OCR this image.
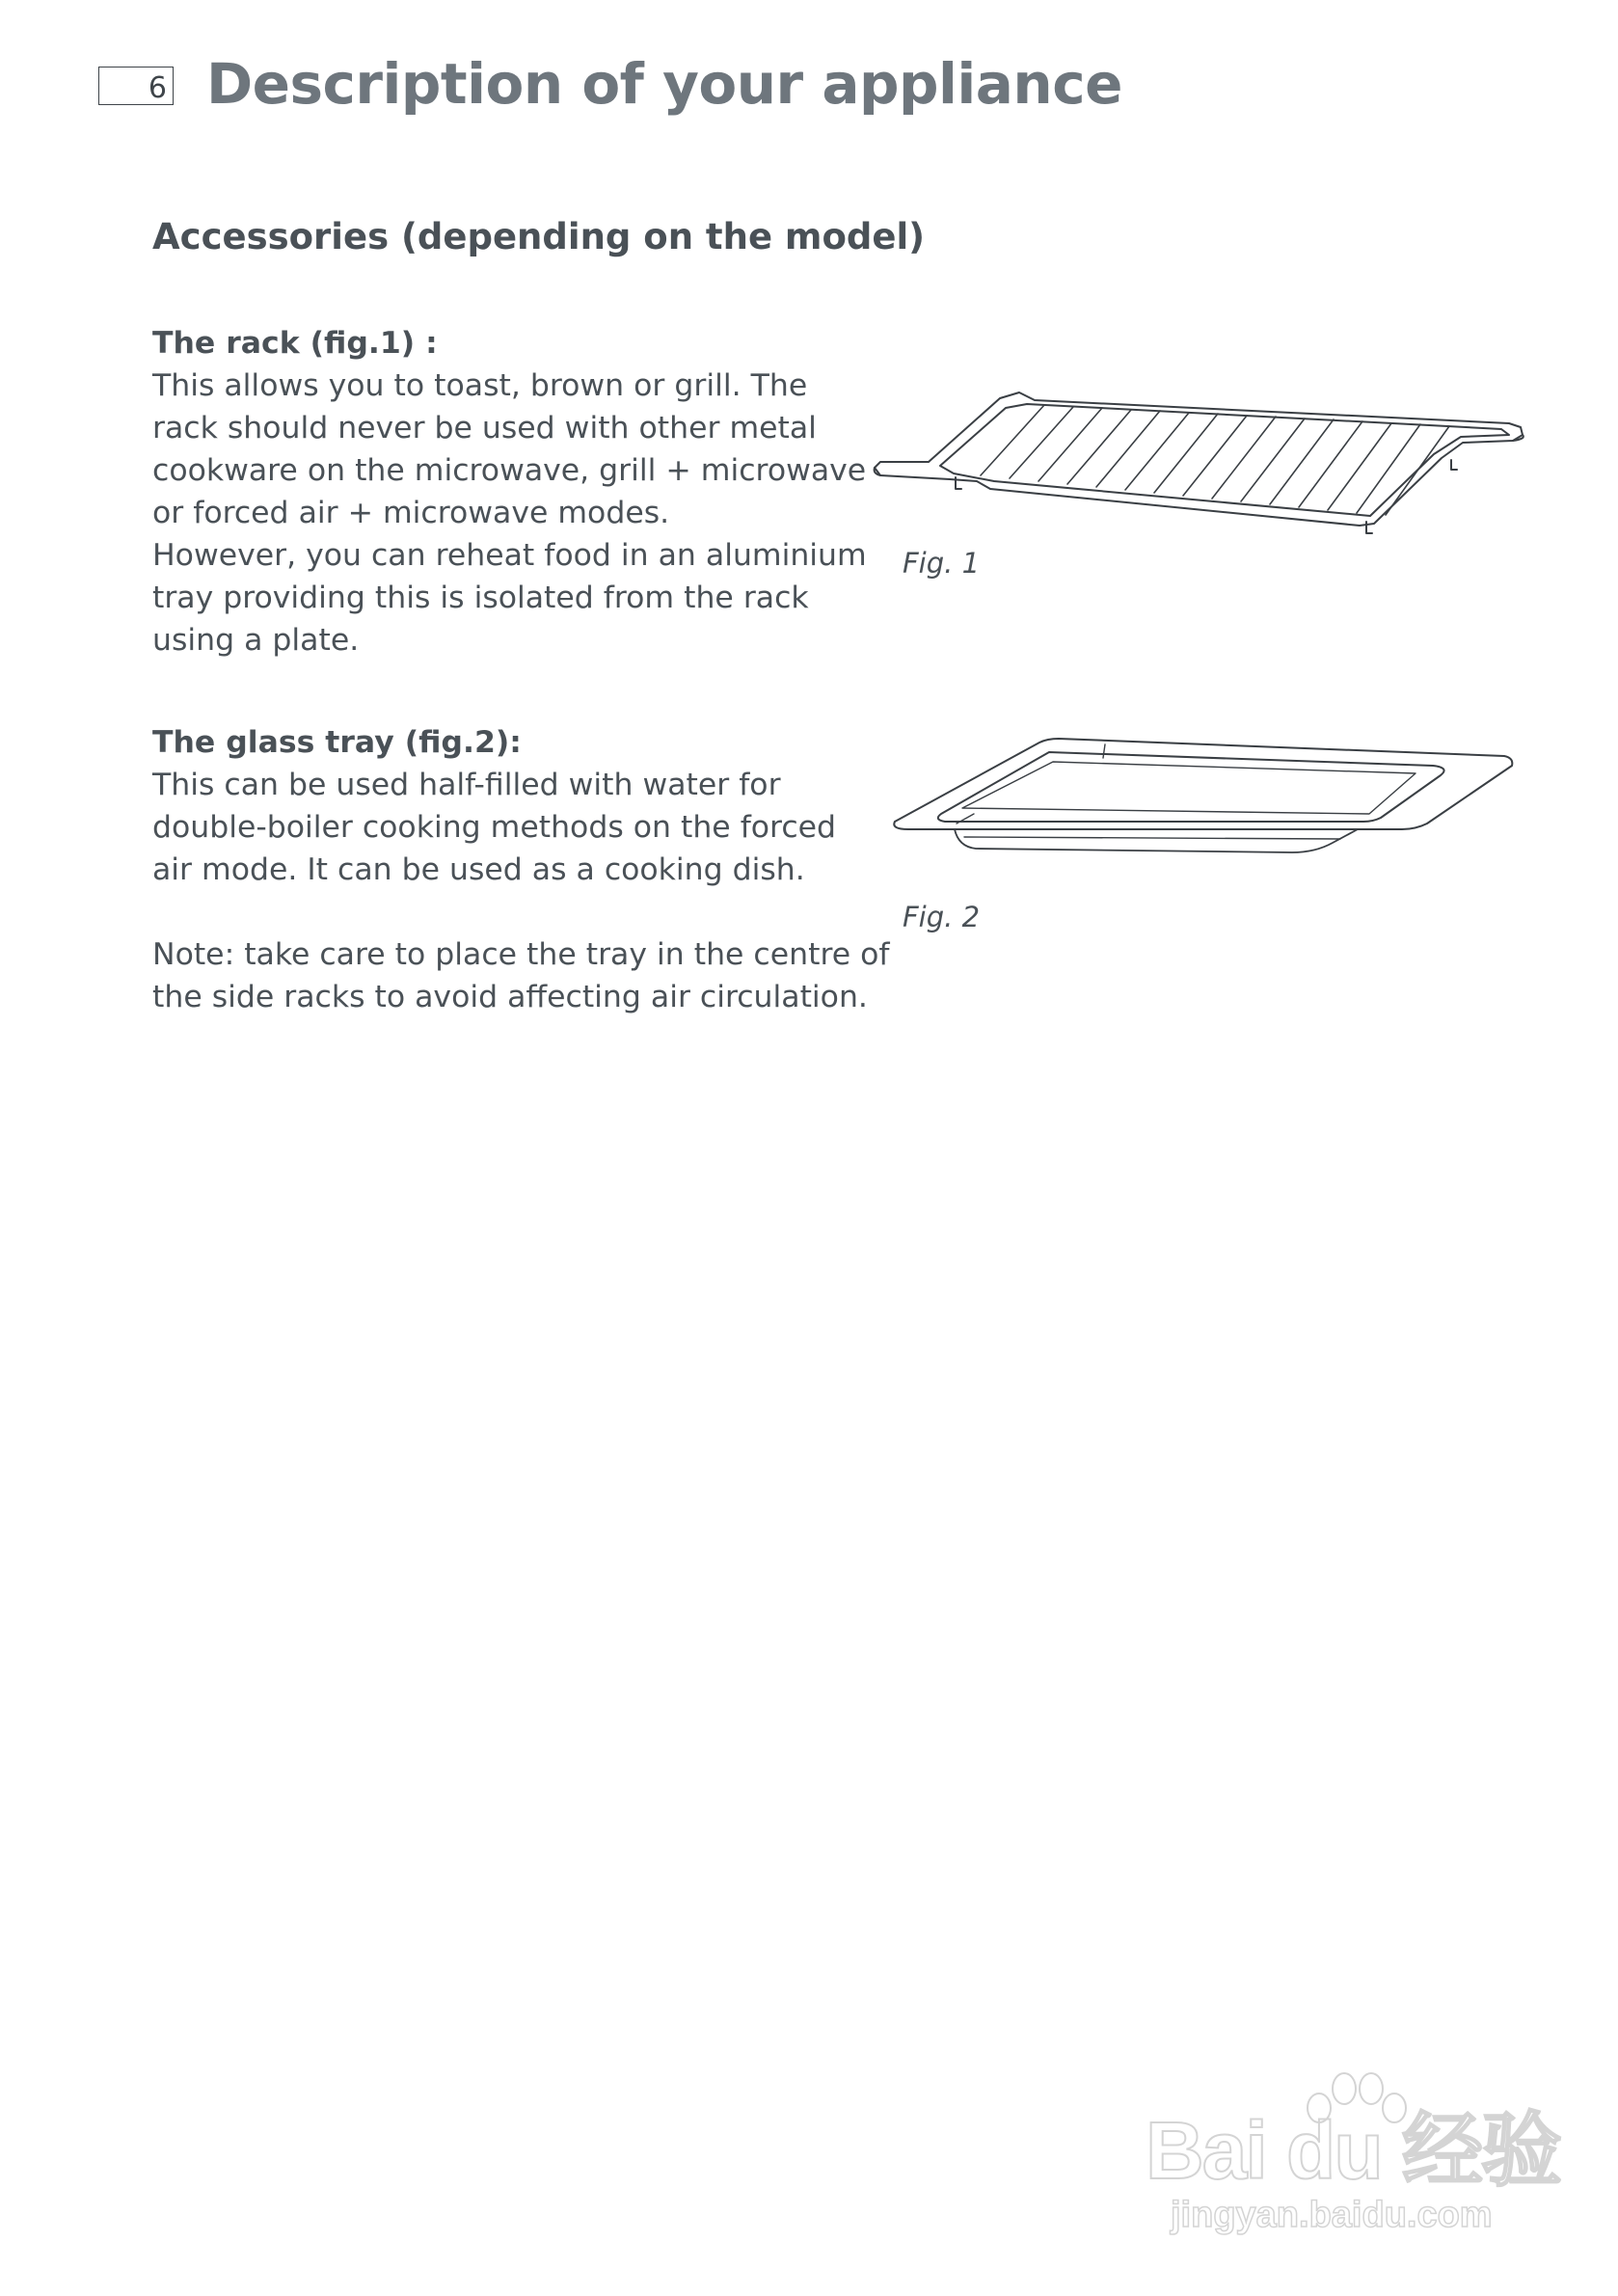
6 Description of your appliance
Accessories (depending on the model)

The rack (fig.1) :

This allows you to toast, brown or grill. The

rack should never be used with other metal

cookware on the microwave, grill + microwave

or forced air + microwave modes.

However, you can reheat food in an aluminium

tray providing this is isolated from the rack

using a plate.

The glass tray (fig.2):

This can be used half-filled with water for

double-boiler cooking methods on the forced

air mode. It can be used as a cooking dish.

Note: take care to place the tray in the centre of

the side racks to avoid affecting air circulation.

Fig. 1
Fig. 2
Bai du 经验
jingyan.baidu.com
